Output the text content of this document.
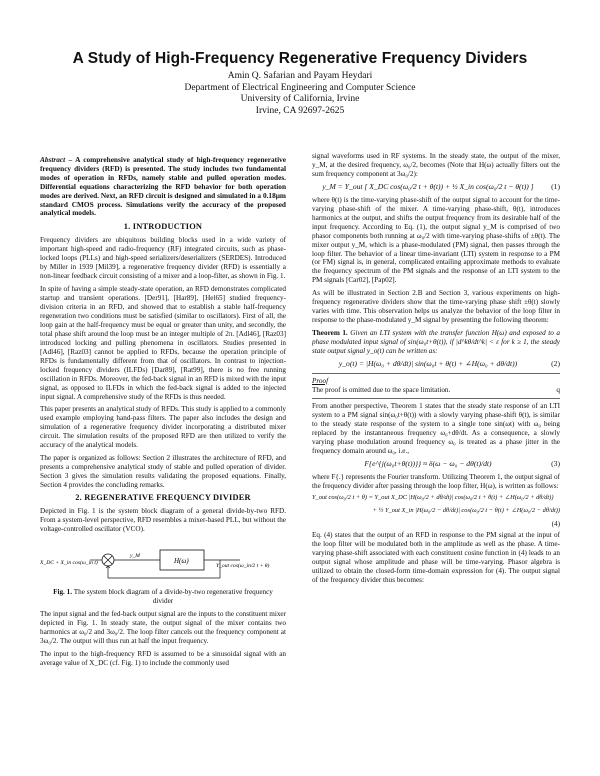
A Study of High-Frequency Regenerative Frequency Dividers
Amin Q. Safarian and Payam Heydari
Department of Electrical Engineering and Computer Science
University of California, Irvine
Irvine, CA 92697-2625

Abstract – A comprehensive analytical study of high-frequency regenerative frequency dividers (RFD) is presented. The study includes two fundamental modes of operation in RFDs, namely stable and pulled operation modes. Differential equations characterizing the RFD behavior for both operation modes are derived. Next, an RFD circuit is designed and simulated in a 0.18µm standard CMOS process. Simulations verify the accuracy of the proposed analytical models.

1. INTRODUCTION

Frequency dividers are ubiquitous building blocks used in a wide variety of important high-speed and radio-frequency (RF) integrated circuits, such as phase-locked loops (PLLs) and high-speed serializers/deserializers (SERDES). Introduced by Miller in 1939 [Mil39], a regenerative frequency divider (RFD) is essentially a non-linear feedback circuit consisting of a mixer and a loop-filter, as shown in Fig. 1.

In spite of having a simple steady-state operation, an RFD demonstrates complicated startup and transient operations. [Der91], [Har89], [Hel65] studied frequency-division criteria in an RFD, and showed that to establish a stable half-frequency regeneration two conditions must be satisfied (similar to oscillators). First of all, the loop gain at the half-frequency must be equal or greater than unity, and secondly, the total phase shift around the loop must be an integer multiple of 2π. [Adl46], [Raz03] introduced locking and pulling phenomena in oscillators. Studies presented in [Adl46], [Raz03] cannot be applied to RFDs, because the operation principle of RFDs is fundamentally different from that of oscillators. In contrast to injection-locked frequency dividers (ILFDs) [Dar89], [Rat99], there is no free running oscillation in RFDs. Moreover, the fed-back signal in an RFD is mixed with the input signal, as opposed to ILFDs in which the fed-back signal is added to the injected input signal. A comprehensive study of the RFDs is thus needed.

This paper presents an analytical study of RFDs. This study is applied to a commonly used example employing hand-pass filters. The paper also includes the design and simulation of a regenerative frequency divider incorporating a distributed mixer circuit. The simulation results of the proposed RFD are then utilized to verify the accuracy of the analytical models.

The paper is organized as follows: Section 2 illustrates the architecture of RFD, and presents a comprehensive analytical study of stable and pulled operation of divider. Section 3 gives the simulation results validating the proposed equations. Finally, Section 4 provides the concluding remarks.

2. REGENERATIVE FREQUENCY DIVIDER

Depicted in Fig. 1 is the system block diagram of a general divide-by-two RFD. From a system-level perspective, RFD resembles a mixer-based PLL, but without the voltage-controlled oscillator (VCO).

X_DC + X_in cos(ω_in t)
y_M
H(ω)
Y_out cos(ω_in/2 t + θ)
Fig. 1. The system block diagram of a divide-by-two regenerative frequency divider

The input signal and the fed-back output signal are the inputs to the constituent mixer depicted in Fig. 1. In steady state, the output signal of the mixer contains two harmonics at ω₀/2 and 3ω₀/2. The loop filter cancels out the frequency component at 3ω₀/2. The output will thus run at half the input frequency.

The input to the high-frequency RFD is assumed to be a sinusoidal signal with an average value of X_DC (cf. Fig. 1) to include the commonly used

signal waveforms used in RF systems. In the steady state, the output of the mixer, y_M, at the desired frequency, ω₀/2, becomes (Note that H(ω) actually filters out the sum frequency component at 3ω₀/2):

y_M = Y_out [ X_DC cos(ω₀/2 t + θ(t)) + ½ X_in cos(ω₀/2 t − θ(t)) ]	(1)

where θ(t) is the time-varying phase-shift of the output signal to account for the time-varying phase-shift of the mixer. A time-varying phase-shift, θ(t), introduces harmonics at the output, and shifts the output frequency from its desirable half of the input frequency. According to Eq. (1), the output signal y_M is comprised of two phasor components both running at ω₀/2 with time-varying phase-shifts of ±θ(t). The mixer output y_M, which is a phase-modulated (PM) signal, then passes through the loop filter. The behavior of a linear time-invariant (LTI) system in response to a PM (or FM) signal is, in general, complicated entailing approximate methods to evaluate the frequency spectrum of the PM signals and the response of an LTI system to the PM signals [Car02], [Pap02].

As will be illustrated in Section 2.B and Section 3, various experiments on high-frequency regenerative dividers show that the time-varying phase shift ±θ(t) slowly varies with time. This observation helps us analyze the behavior of the loop filter in response to the phase-modulated y_M signal by presenting the following theorem:

Theorem 1. Given an LTI system with the transfer function H(ω) and exposed to a phase modulated input signal of sin(ω₀t+θ(t)), if |d^kθ/dt^k| < ε for k ≥ 1, the steady state output signal y_o(t) can be written as:

y_o(t) = |H(ω₀ + dθ/dt)| sin(ω₀t + θ(t) + ∠H(ω₀ + dθ/dt))	(2)
Proof
The proof is omitted due to the space limitation.	q

From another perspective, Theorem 1 states that the steady state response of an LTI system to a PM signal sin(ω₀t+θ(t)) with a slowly varying phase-shift θ(t), is similar to the steady state response of the system to a single tone sin(ωt) with ω₀ being replaced by the instantaneous frequency ω₀+dθ/dt. As a consequence, a slowly varying phase modulation around frequency ω₀ is treated as a phase jitter in the frequency domain around ω₀, i.e.,

F{e^{j(ω₀t+θ(t))}} ≈ δ(ω − ω₀ − dθ(t)/dt)	(3)

where F{.} represents the Fourier transform. Utilizing Theorem 1, the output signal of the frequency divider after passing through the loop filter, H(ω), is written as follows:

Y_out cos(ω₀/2 t + θ) = Y_out X_DC |H(ω₀/2 + dθ/dt)| cos(ω₀/2 t + θ(t) + ∠H(ω₀/2 + dθ/dt))
+ ½ Y_out X_in |H(ω₀/2 − dθ/dt)| cos(ω₀/2 t − θ(t) + ∠H(ω₀/2 − dθ/dt))
(4)

Eq. (4) states that the output of an RFD in response to the PM signal at the input of the loop filter will be modulated both in the amplitude as well as the phase. A time-varying phase-shift associated with each constituent cosine function in (4) leads to an output signal whose amplitude and phase will be time-varying. Phasor algebra is utilized to obtain the closed-form time-domain expression for (4). The output signal of the frequency divider thus becomes:
